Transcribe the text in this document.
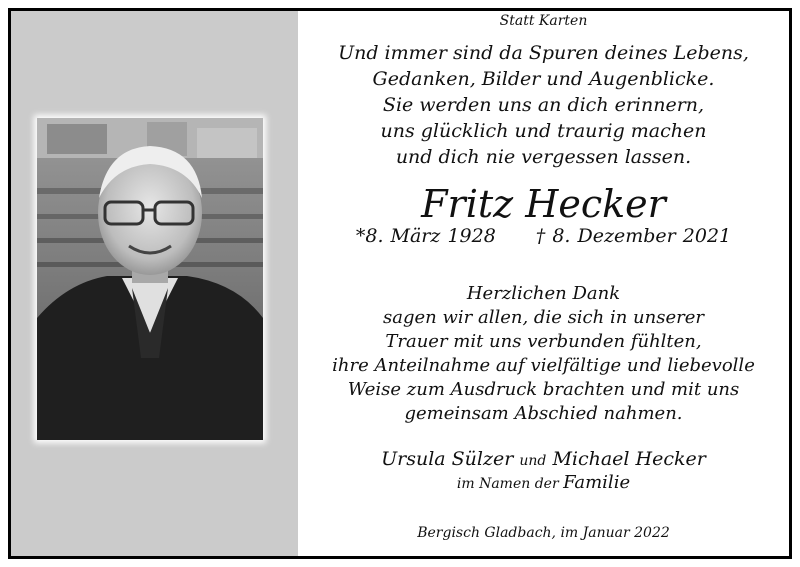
Statt Karten

Und immer sind da Spuren deines Lebens,
Gedanken, Bilder und Augenblicke.
Sie werden uns an dich erinnern,
uns glücklich und traurig machen
und dich nie vergessen lassen.

Fritz Hecker

*8. März 1928 † 8. Dezember 2021

Herzlichen Dank
sagen wir allen, die sich in unserer
Trauer mit uns verbunden fühlten,
ihre Anteilnahme auf vielfältige und liebevolle
Weise zum Ausdruck brachten und mit uns
gemeinsam Abschied nahmen.

Ursula Sülzer und Michael Hecker

im Namen der Familie

Bergisch Gladbach, im Januar 2022
